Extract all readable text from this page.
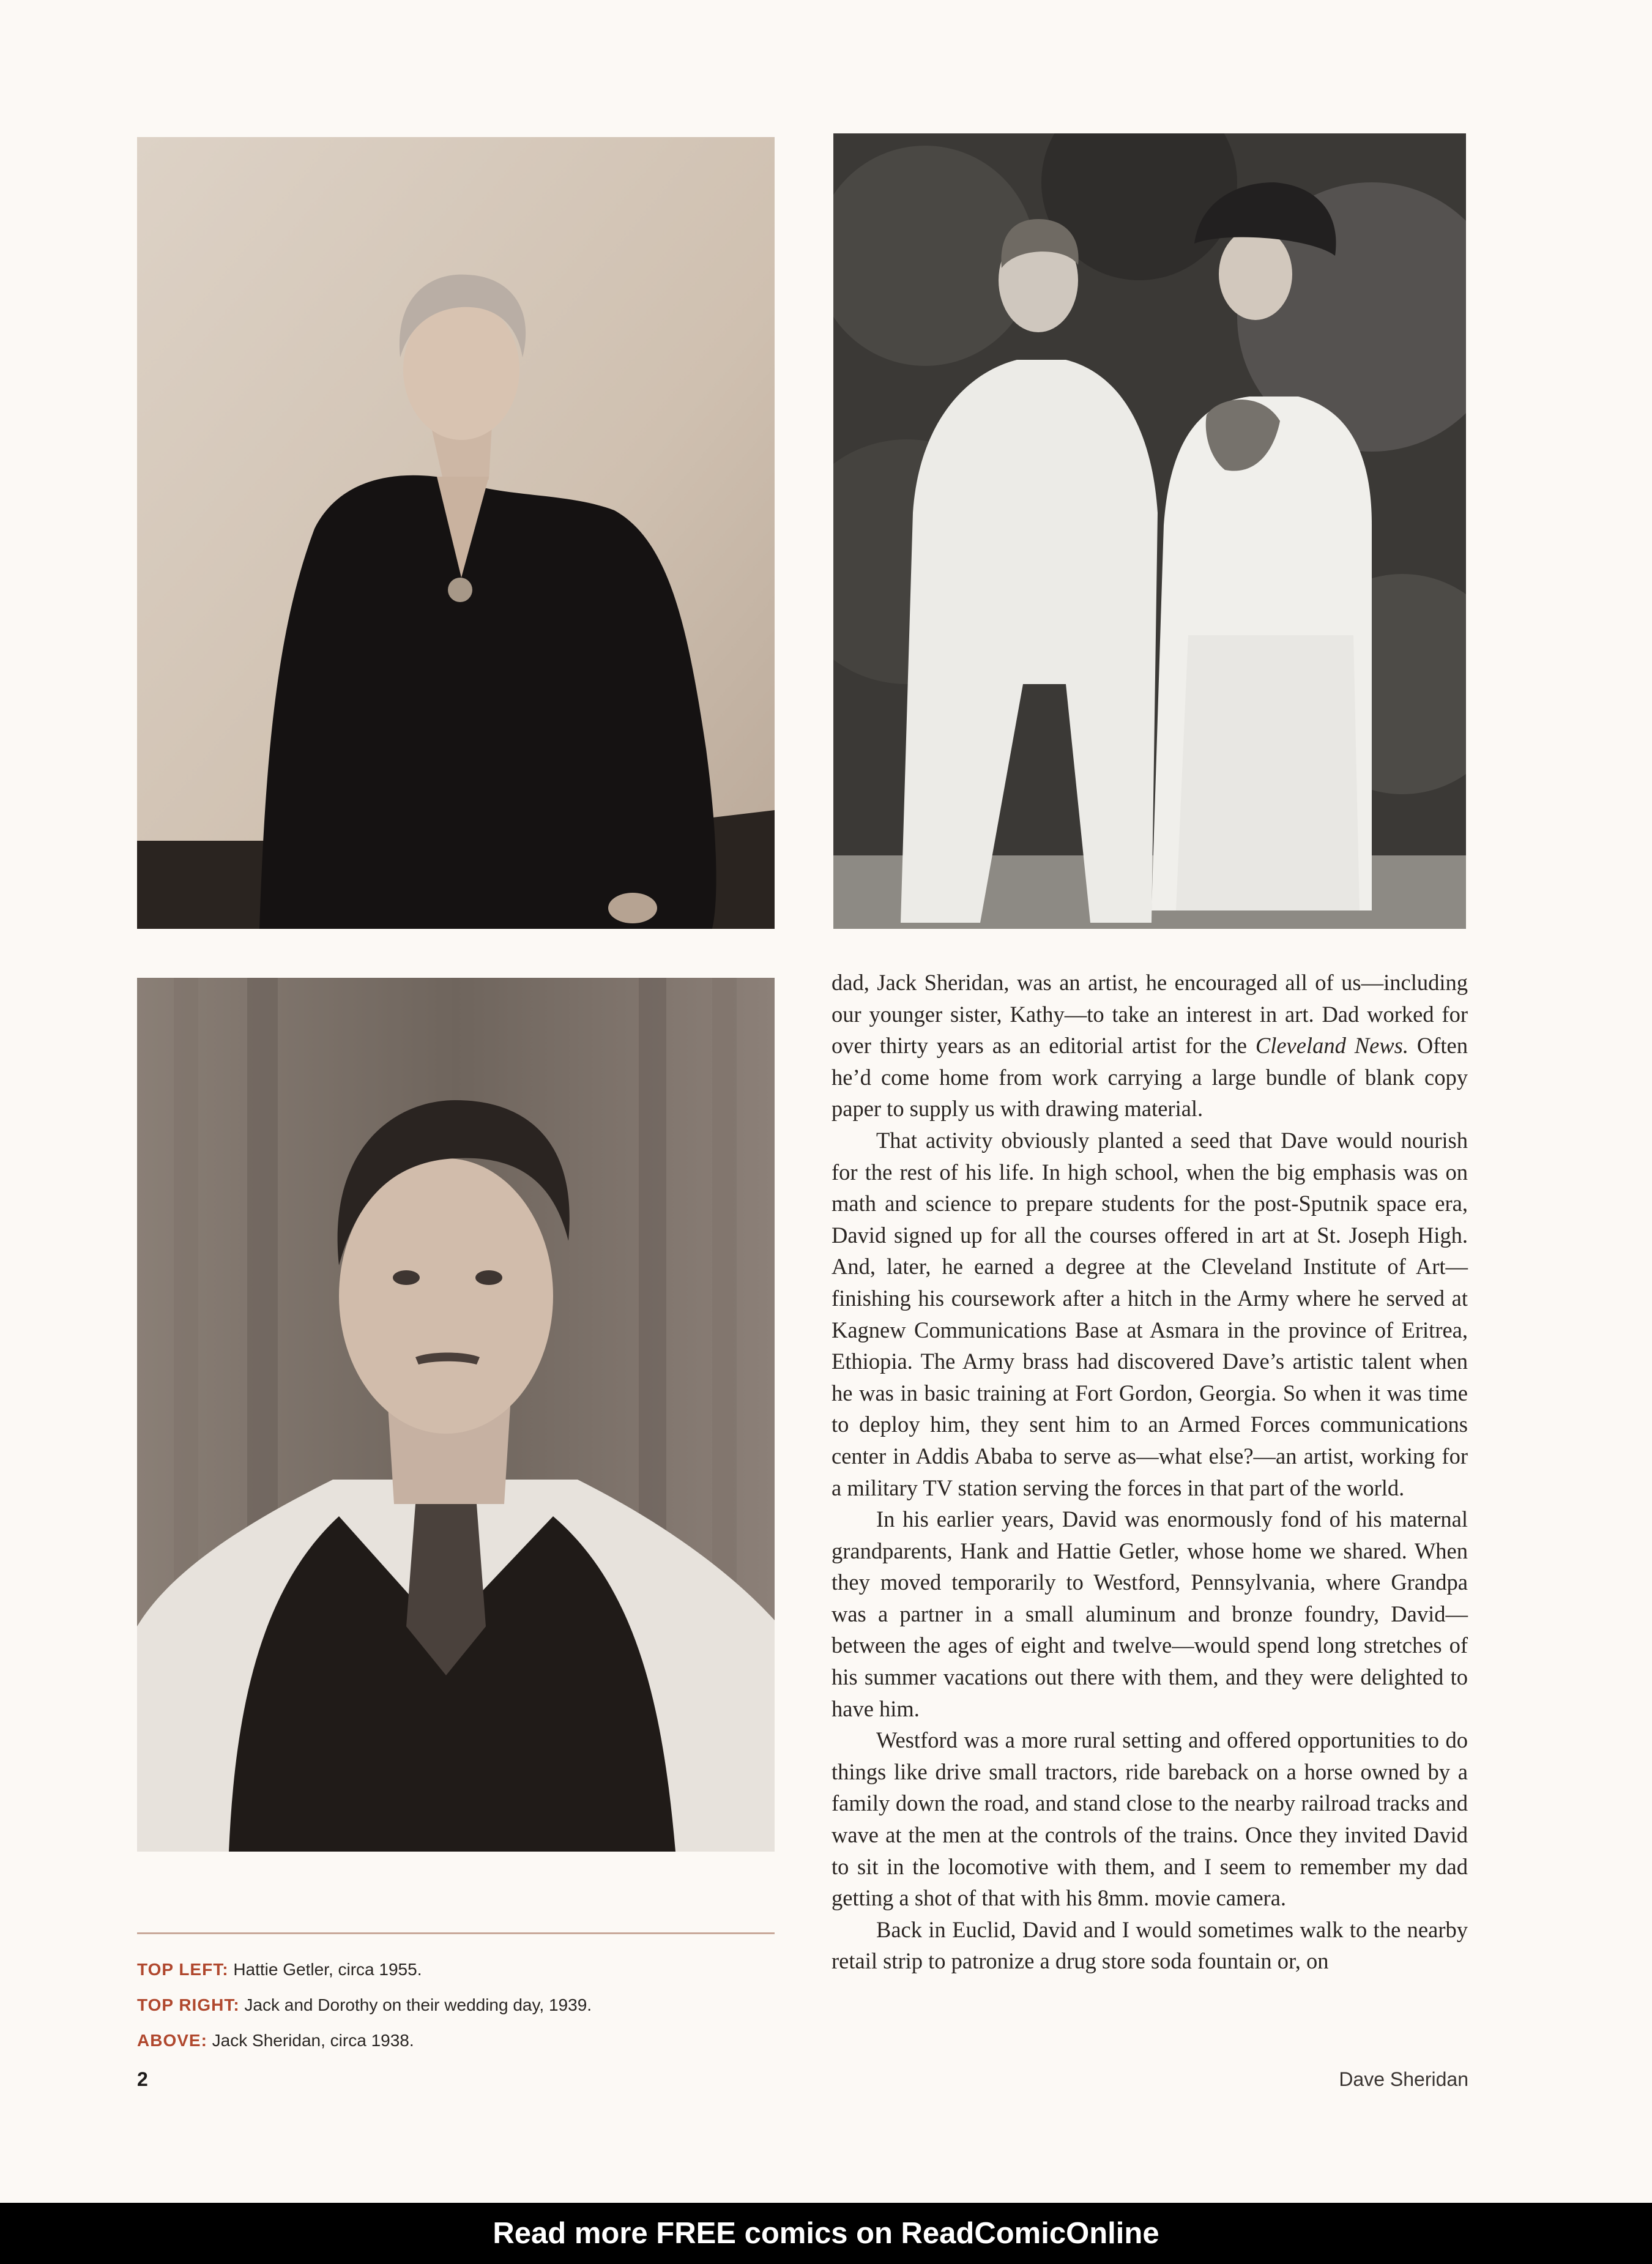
TOP LEFT: Hattie Getler, circa 1955.
TOP RIGHT: Jack and Dorothy on their wedding day, 1939.
ABOVE: Jack Sheridan, circa 1938.

dad, Jack Sheridan, was an artist, he encouraged all of us—including our younger sister, Kathy—to take an interest in art. Dad worked for over thirty years as an editorial artist for the Cleveland News. Often he’d come home from work carrying a large bundle of blank copy paper to supply us with drawing material.

That activity obviously planted a seed that Dave would nourish for the rest of his life. In high school, when the big emphasis was on math and science to prepare students for the post-Sputnik space era, David signed up for all the courses offered in art at St. Joseph High. And, later, he earned a degree at the Cleveland Institute of Art—finishing his coursework after a hitch in the Army where he served at Kagnew Communications Base at Asmara in the province of Eritrea, Ethiopia. The Army brass had discovered Dave’s artistic talent when he was in basic training at Fort Gordon, Georgia. So when it was time to deploy him, they sent him to an Armed Forces communications center in Addis Ababa to serve as—what else?—an artist, working for a military TV station serving the forces in that part of the world.

In his earlier years, David was enormously fond of his maternal grandparents, Hank and Hattie Getler, whose home we shared. When they moved temporarily to Westford, Pennsylvania, where Grandpa was a partner in a small aluminum and bronze foundry, David—between the ages of eight and twelve—would spend long stretches of his summer vacations out there with them, and they were delighted to have him.

Westford was a more rural setting and offered opportunities to do things like drive small tractors, ride bareback on a horse owned by a family down the road, and stand close to the nearby railroad tracks and wave at the men at the controls of the trains. Once they invited David to sit in the locomotive with them, and I seem to remember my dad getting a shot of that with his 8mm. movie camera.

Back in Euclid, David and I would sometimes walk to the nearby retail strip to patronize a drug store soda fountain or, on

2	Dave Sheridan
Read more FREE comics on ReadComicOnline
